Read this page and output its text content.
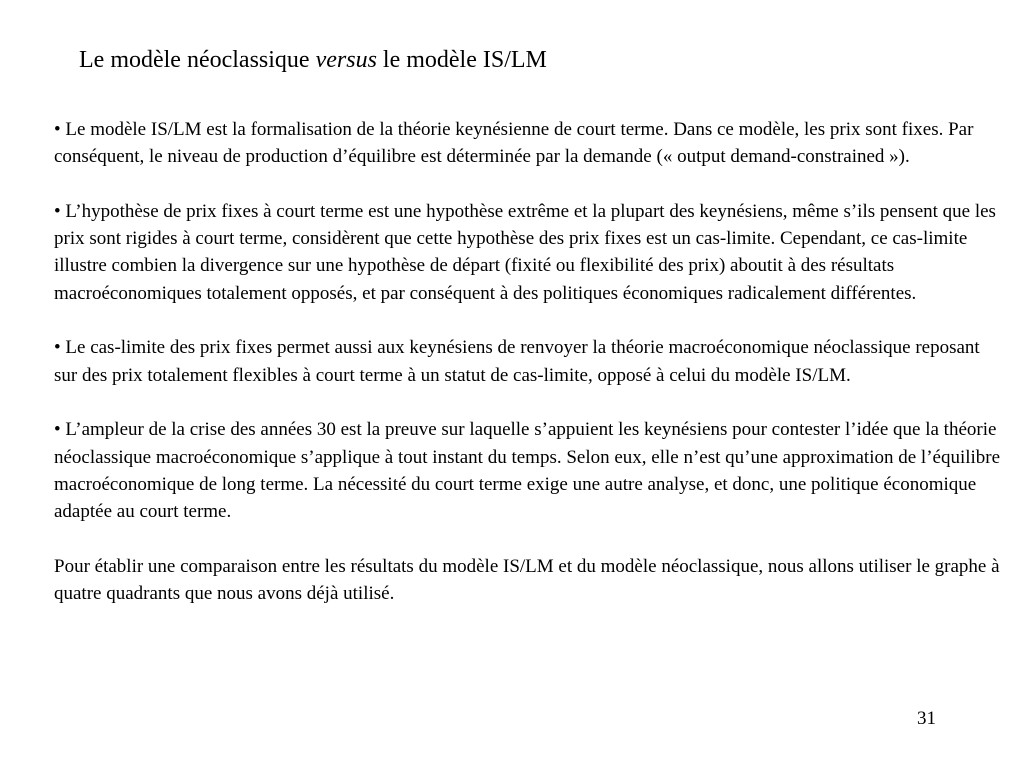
Le modèle néoclassique versus le modèle IS/LM

• Le modèle IS/LM est la formalisation de la théorie keynésienne de court terme. Dans ce modèle, les prix sont fixes. Par conséquent, le niveau de production d’équilibre est déterminée par la demande (« output demand-constrained »).

• L’hypothèse de prix fixes à court terme est une hypothèse extrême et la plupart des keynésiens, même s’ils pensent que les prix sont rigides à court terme, considèrent que cette hypothèse des prix fixes est un cas-limite. Cependant, ce cas-limite illustre combien la divergence sur une hypothèse de départ (fixité ou flexibilité des prix) aboutit à des résultats macroéconomiques totalement opposés, et par conséquent à des politiques économiques radicalement différentes.

• Le cas-limite des prix fixes permet aussi aux keynésiens de renvoyer la théorie macroéconomique néoclassique reposant sur des prix totalement flexibles à court terme à un statut de cas-limite, opposé à celui du modèle IS/LM.

• L’ampleur de la crise des années 30 est la preuve sur laquelle s’appuient les keynésiens pour contester l’idée que la théorie néoclassique macroéconomique s’applique à tout instant du temps. Selon eux, elle n’est qu’une approximation de l’équilibre macroéconomique de long terme. La nécessité du court terme exige une autre analyse, et donc, une politique économique adaptée au court terme.

Pour établir une comparaison entre les résultats du modèle IS/LM et du modèle néoclassique, nous allons utiliser le graphe à quatre quadrants que nous avons déjà utilisé.

31
